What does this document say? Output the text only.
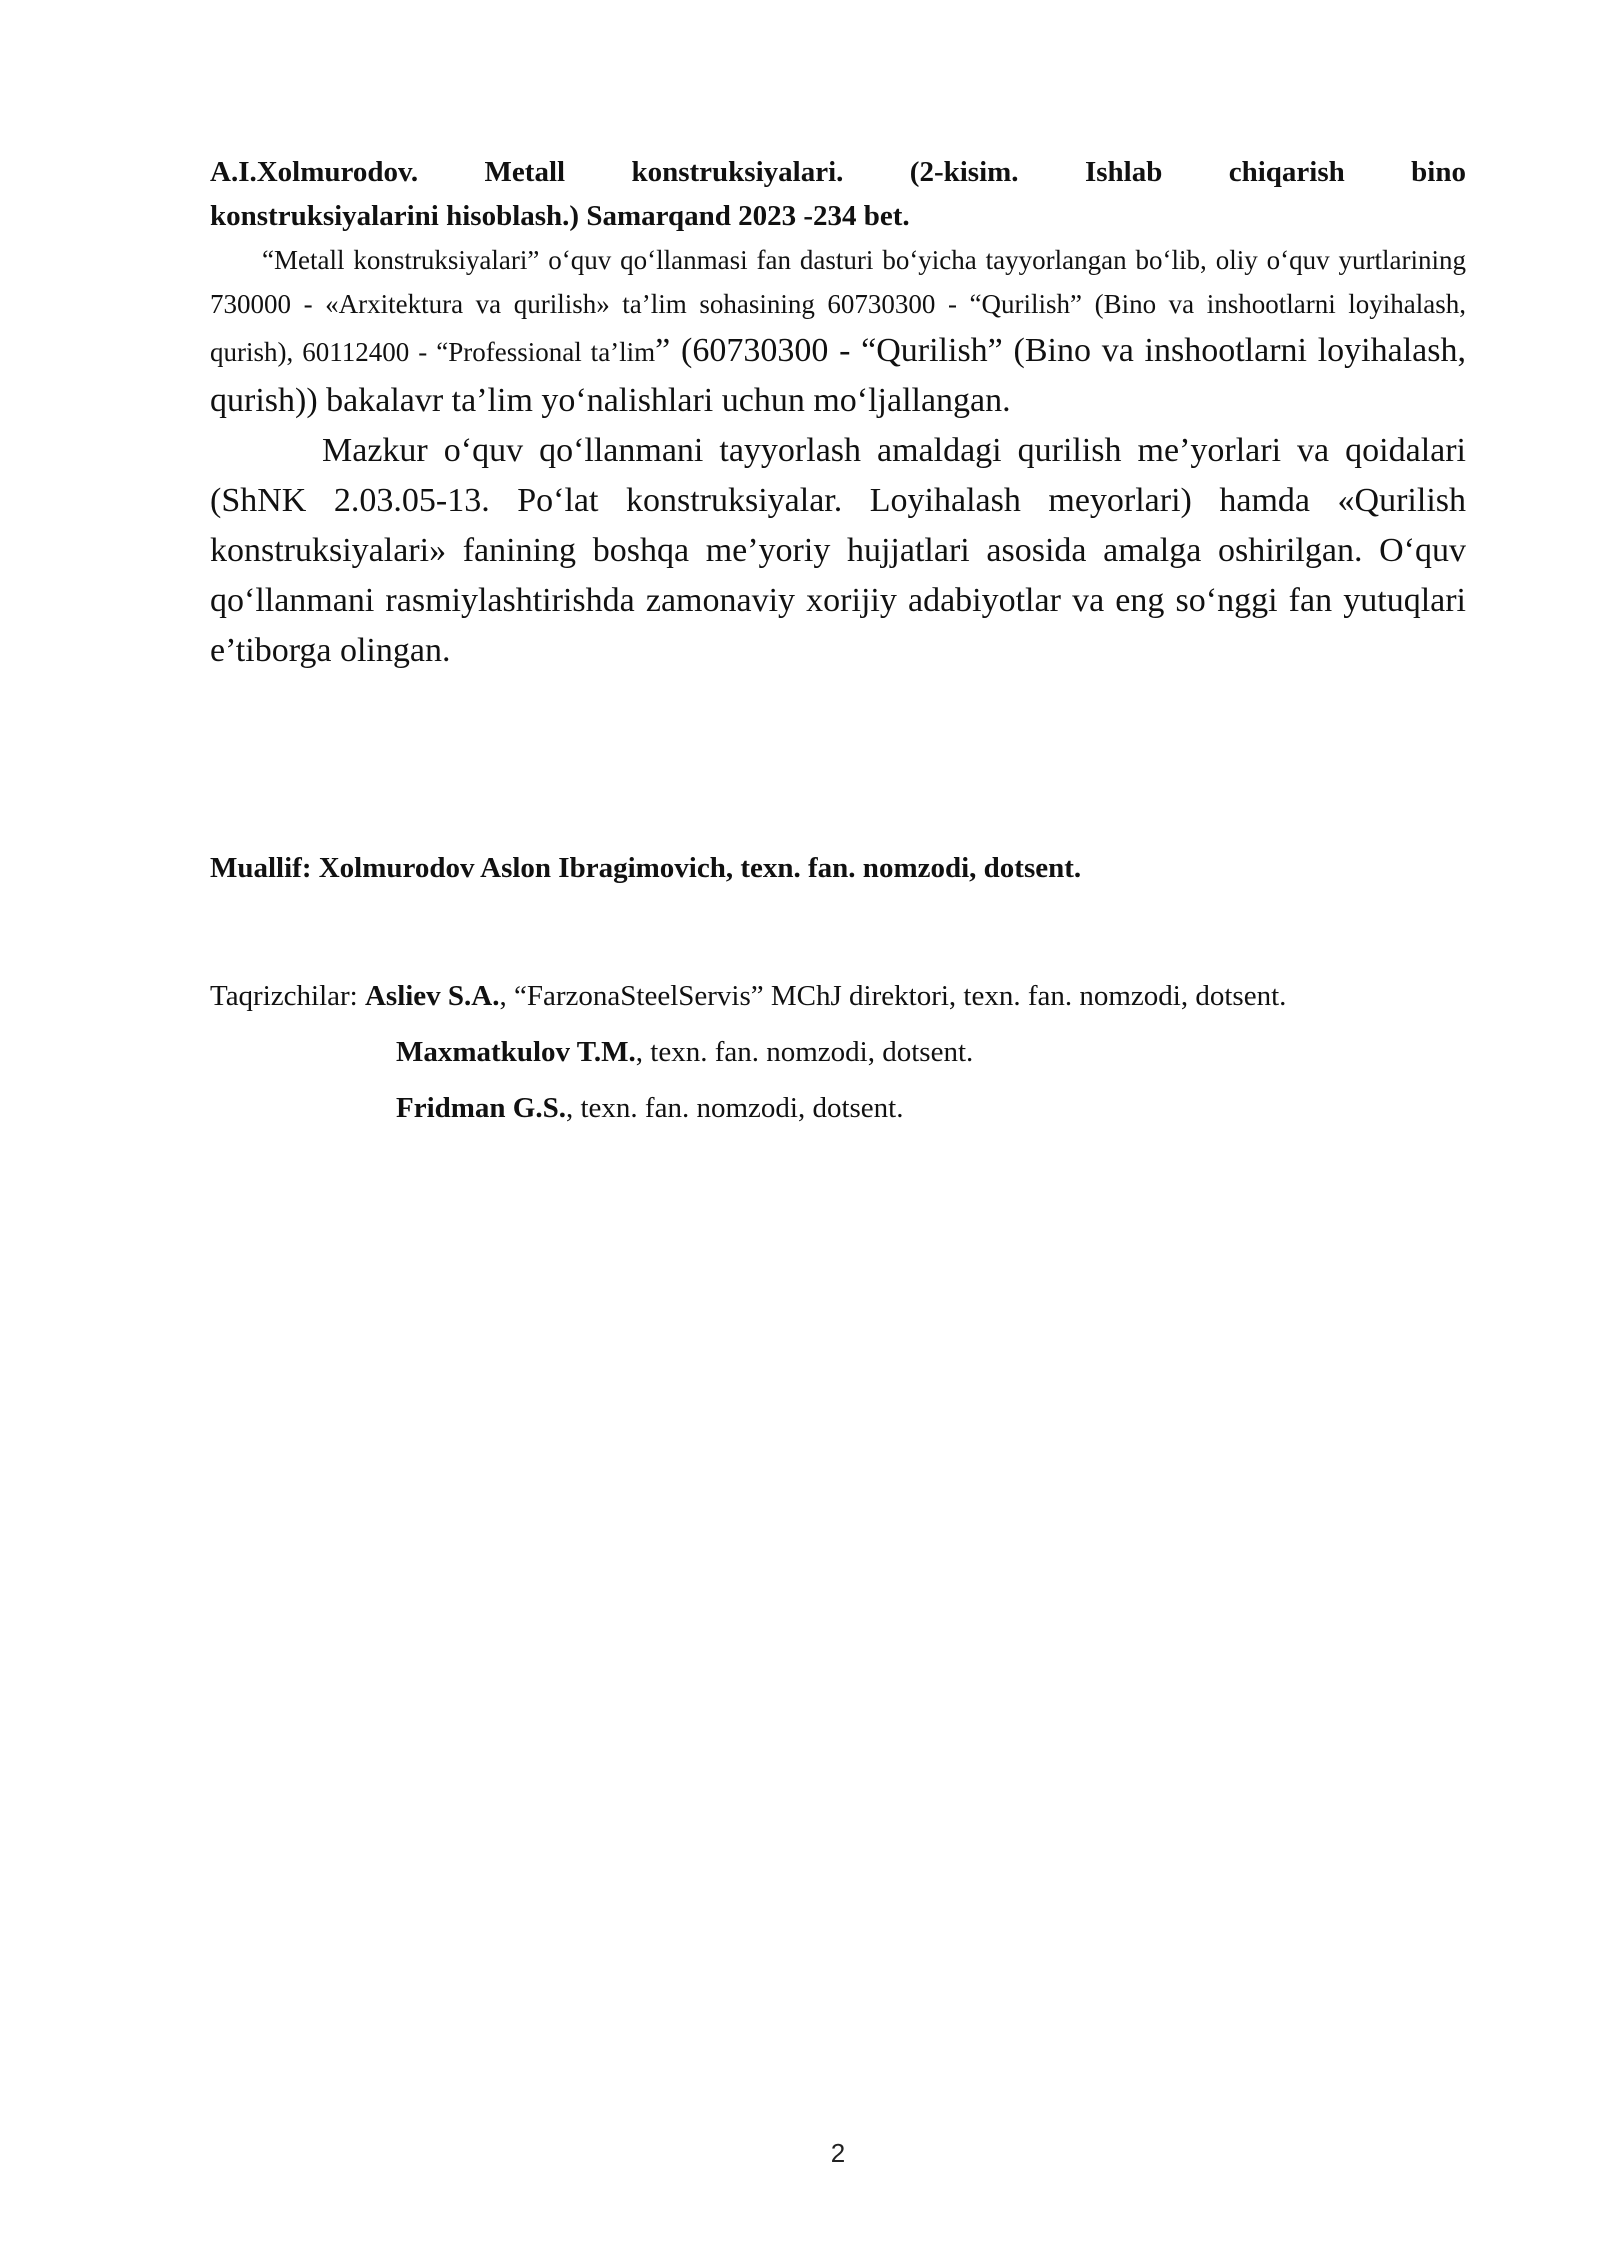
A.I.Xolmurodov. Metall konstruksiyalari. (2-kisim. Ishlab chiqarish bino
konstruksiyalarini hisoblash.) Samarqand 2023 -234 bet.

“Metall konstruksiyalari” o‘quv qo‘llanmasi fan dasturi bo‘yicha tayyorlangan bo‘lib, oliy o‘quv yurtlarining 730000 - «Arxitektura va qurilish» ta’lim sohasining 60730300 - “Qurilish” (Bino va inshootlarni loyihalash, qurish), 60112400 - “Professional ta’lim” (60730300 - “Qurilish” (Bino va inshootlarni loyihalash, qurish)) bakalavr ta’lim yo‘nalishlari uchun mo‘ljallangan.

Mazkur o‘quv qo‘llanmani tayyorlash amaldagi qurilish me’yorlari va qoidalari (ShNK 2.03.05-13. Po‘lat konstruksiyalar. Loyihalash meyorlari) hamda «Qurilish konstruksiyalari» fanining boshqa me’yoriy hujjatlari asosida amalga oshirilgan. O‘quv qo‘llanmani rasmiylashtirishda zamonaviy xorijiy adabiyotlar va eng so‘nggi fan yutuqlari e’tiborga olingan.

Muallif: Xolmurodov Aslon Ibragimovich, texn. fan. nomzodi, dotsent.

Taqrizchilar: Asliev S.A., “FarzonaSteelServis” MChJ direktori, texn. fan. nomzodi, dotsent.
Maxmatkulov T.M., texn. fan. nomzodi, dotsent.
Fridman G.S., texn. fan. nomzodi, dotsent.
2
